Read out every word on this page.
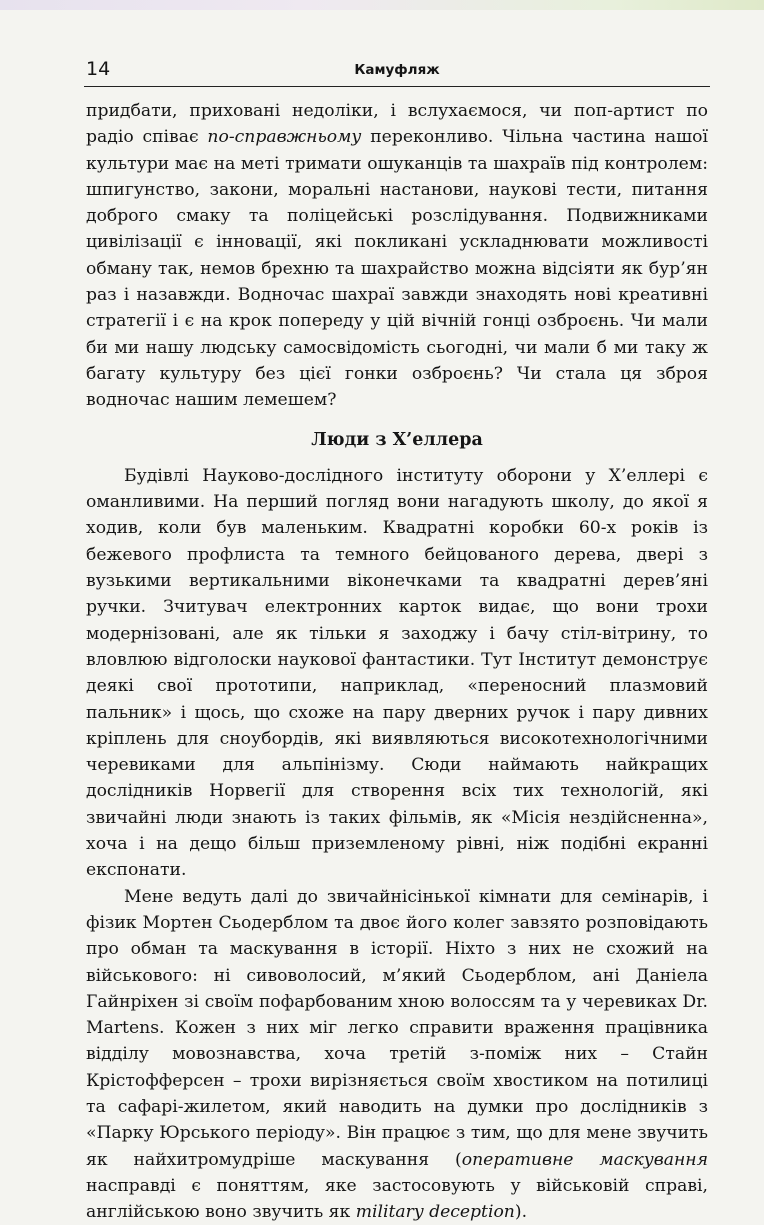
14	Камуфляж

придбати, приховані недоліки, і вслухаємося, чи поп-артист по радіо співає по-справжньому переконливо. Чільна частина нашої культури має на меті тримати ошуканців та шахраїв під контролем: шпигунство, закони, моральні настанови, наукові тести, питання доброго смаку та поліцейські розслідування. Подвижниками цивілізації є інновації, які покликані ускладнювати можливості обману так, немов брехню та шахрайство можна відсіяти як бур’ян раз і назавжди. Водночас шахраї завжди знаходять нові креативні стратегії і є на крок попереду у цій вічній гонці озброєнь. Чи мали би ми нашу людську самосвідомість сьогодні, чи мали б ми таку ж багату культуру без цієї гонки озброєнь? Чи стала ця зброя водночас нашим лемешем?

Люди з Х’еллера

Будівлі Науково-дослідного інституту оборони у Х’еллері є оманливими. На перший погляд вони нагадують школу, до якої я ходив, коли був маленьким. Квадратні коробки 60-х років із бежевого профлиста та темного бейцованого дерева, двері з вузькими вертикальними віконечками та квадратні дерев’яні ручки. Зчитувач електронних карток видає, що вони трохи модернізовані, але як тільки я заходжу і бачу стіл-вітрину, то вловлюю відголоски наукової фантастики. Тут Інститут демонструє деякі свої прототипи, наприклад, «переносний плазмовий пальник» і щось, що схоже на пару дверних ручок і пару дивних кріплень для сноубордів, які виявляються високотехнологічними черевиками для альпінізму. Сюди наймають найкращих дослідників Норвегії для створення всіх тих технологій, які звичайні люди знають із таких фільмів, як «Місія нездійсненна», хоча і на дещо більш приземленому рівні, ніж подібні екранні експонати.

Мене ведуть далі до звичайнісінької кімнати для семінарів, і фізик Мортен Сьодерблом та двоє його колег завзято розповідають про обман та маскування в історії. Ніхто з них не схожий на військового: ні сивоволосий, м’який Сьодерблом, ані Даніела Гайнріхен зі своїм пофарбованим хною волоссям та у черевиках Dr. Martens. Кожен з них міг легко справити враження працівника відділу мовознавства, хоча третій з-поміж них – Стайн Крістофферсен – трохи вирізняється своїм хвостиком на потилиці та сафарі-жилетом, який наводить на думки про дослідників з «Парку Юрського періоду». Він працює з тим, що для мене звучить як найхитромудріше маскування (оперативне маскування насправді є поняттям, яке застосовують у військовій справі, англійською воно звучить як military deception).
